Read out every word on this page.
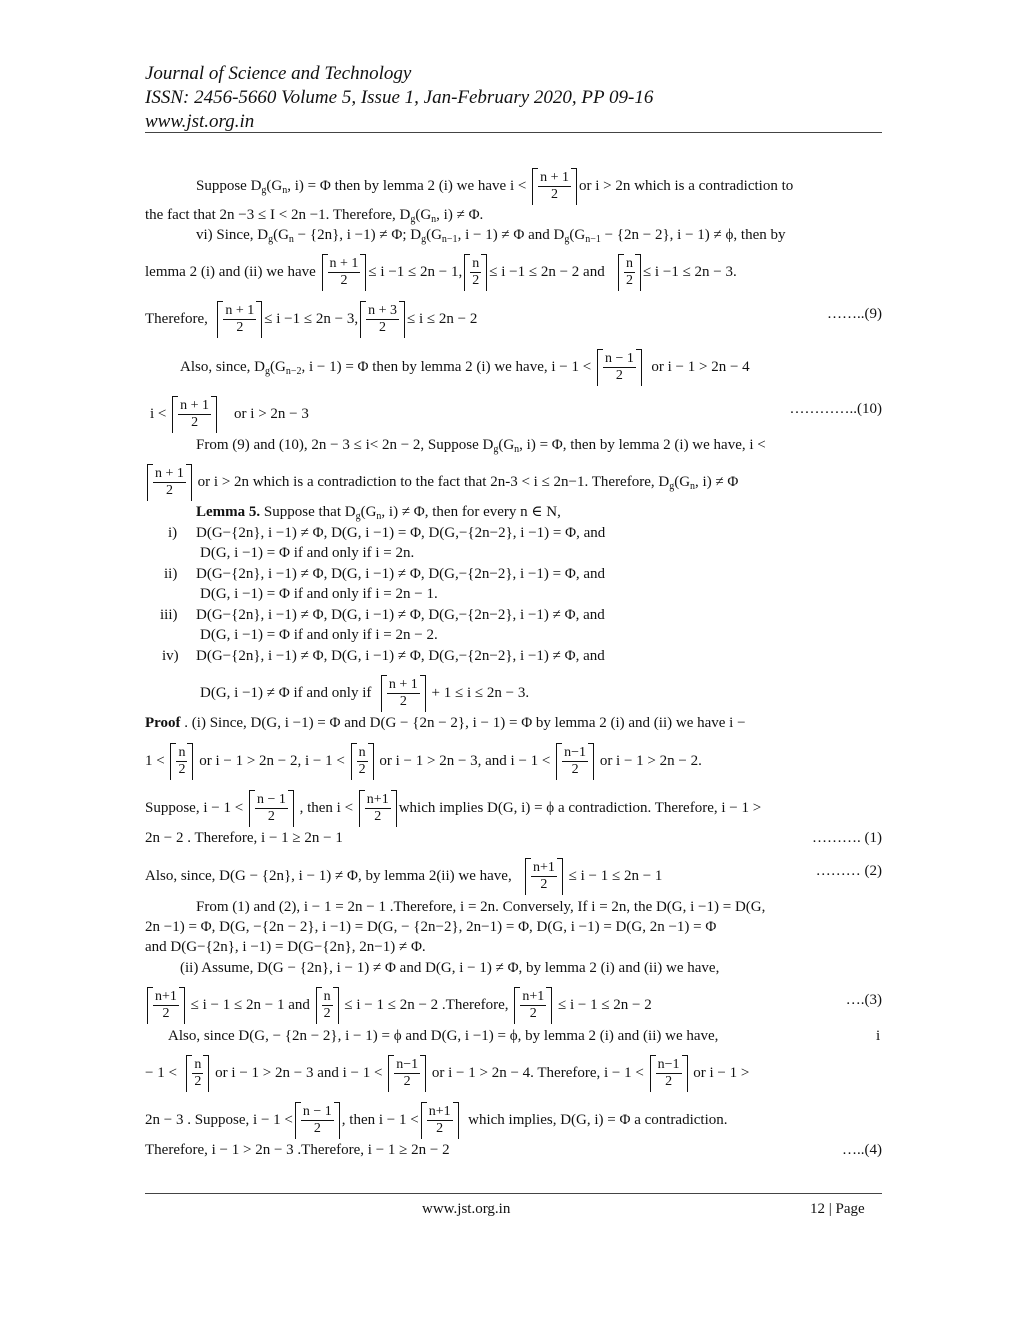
Journal of Science and Technology
ISSN: 2456-5660 Volume 5, Issue 1, Jan-February 2020, PP 09-16
www.jst.org.in
Suppose $D_g(G_n$, i) = Φ then by lemma 2 (i) we have $i < \frac{n + 1}{2}$ or i > 2n which is a contradiction to
the fact that 2n −3 ≤ I < 2n −1. Therefore, $D_g(G_n$, i) ≠ Φ.
vi) Since, $D_g(G_n - \{2n\}$, i −1) ≠ Φ; $D_g(G_{n-1}$, i − 1) ≠ Φ and $D_g(G_{n-1} - \{2n - 2\}$, i − 1) ≠ ϕ, then by
lemma 2 (i) and (ii) we have $\frac{n + 1}{2} \le i -1 \le 2n - 1$, $\frac{n}{2} \le i -1 \le 2n - 2$ and $\frac{n}{2} \le i -1 \le 2n - 3$.
Therefore, $\frac{n + 1}{2} \le i -1 \le 2n - 3$, $\frac{n + 3}{2} \le i \le 2n - 2$	……..(9)
Also, since, $D_g(G_{n-2}$, i − 1) = Φ then by lemma 2 (i) we have, $i - 1 < \frac{n - 1}{2}$ or i − 1 > 2n − 4
$i < \frac{n + 1}{2}$ or i > 2n − 3	…………..(10)
From (9) and (10), 2n − 3 ≤ i< 2n − 2, Suppose $D_g(G_n$, i) = Φ, then by lemma 2 (i) we have, i <
$\frac{n + 1}{2}$ or i > 2n which is a contradiction to the fact that 2n-3 < i ≤ 2n−1. Therefore, $D_g(G_n$, i) ≠ Φ
Lemma 5. Suppose that $D_g(G_n$, i) ≠ Φ, then for every n ∈ N,
i) D(G−{2n}, i −1) ≠ Φ, D(G, i −1) = Φ, D(G,−{2n−2}, i −1) = Φ, and
D(G, i −1) = Φ if and only if i = 2n.
ii) D(G−{2n}, i −1) ≠ Φ, D(G, i −1) ≠ Φ, D(G,−{2n−2}, i −1) = Φ, and
D(G, i −1) = Φ if and only if i = 2n − 1.
iii) D(G−{2n}, i −1) ≠ Φ, D(G, i −1) ≠ Φ, D(G,−{2n−2}, i −1) ≠ Φ, and
D(G, i −1) = Φ if and only if i = 2n − 2.
iv) D(G−{2n}, i −1) ≠ Φ, D(G, i −1) ≠ Φ, D(G,−{2n−2}, i −1) ≠ Φ, and
D(G, i −1) ≠ Φ if and only if $\frac{n + 1}{2} + 1 \le i \le 2n - 3$.
Proof . (i) Since, D(G, i −1) = Φ and D(G − {2n − 2}, i − 1) = Φ by lemma 2 (i) and (ii) we have i −
$1 < \frac{n}{2}$ or i − 1 > 2n − 2, $i - 1 < \frac{n}{2}$ or i − 1 > 2n − 3, and $i - 1 < \frac{n-1}{2}$ or i − 1 > 2n − 2.
Suppose, $i - 1 < \frac{n - 1}{2}$ , then $i < \frac{n+1}{2}$ which implies D(G, i) = ϕ a contradiction. Therefore, i − 1 >
2n − 2 . Therefore, i − 1 ≥ 2n − 1	………. (1)
Also, since, D(G − {2n}, i − 1) ≠ Φ, by lemma 2(ii) we have, $\frac{n+1}{2} \le i - 1 \le 2n - 1$	……… (2)
From (1) and (2), i − 1 = 2n − 1 .Therefore, i = 2n. Conversely, If i = 2n, the D(G, i −1) = D(G,
2n −1) = Φ, D(G, −{2n − 2}, i −1) = D(G, − {2n−2}, 2n−1) = Φ, D(G, i −1) = D(G, 2n −1) = Φ
and D(G−{2n}, i −1) = D(G−{2n}, 2n−1) ≠ Φ.
(ii) Assume, D(G − {2n}, i − 1) ≠ Φ and D(G, i − 1) ≠ Φ, by lemma 2 (i) and (ii) we have,
$\frac{n+1}{2} \le i - 1 \le 2n - 1$ and $\frac{n}{2} \le i - 1 \le 2n - 2$ .Therefore, $\frac{n+1}{2} \le i - 1 \le 2n - 2$	….(3)
Also, since D(G, − {2n − 2}, i − 1) = ϕ and D(G, i −1) = ϕ, by lemma 2 (i) and (ii) we have,	i
− $1 < \frac{n}{2}$ or i − 1 > 2n − 3 and $i - 1 < \frac{n-1}{2}$ or i − 1 > 2n − 4. Therefore, $i - 1 < \frac{n-1}{2}$ or i − 1 >
2n − 3 . Suppose, $i - 1 < \frac{n - 1}{2}$ , then $i - 1 < \frac{n+1}{2}$ which implies, D(G, i) = Φ a contradiction.
Therefore, i − 1 > 2n − 3 .Therefore, i − 1 ≥ 2n − 2	…..(4)
www.jst.org.in	12 | Page
